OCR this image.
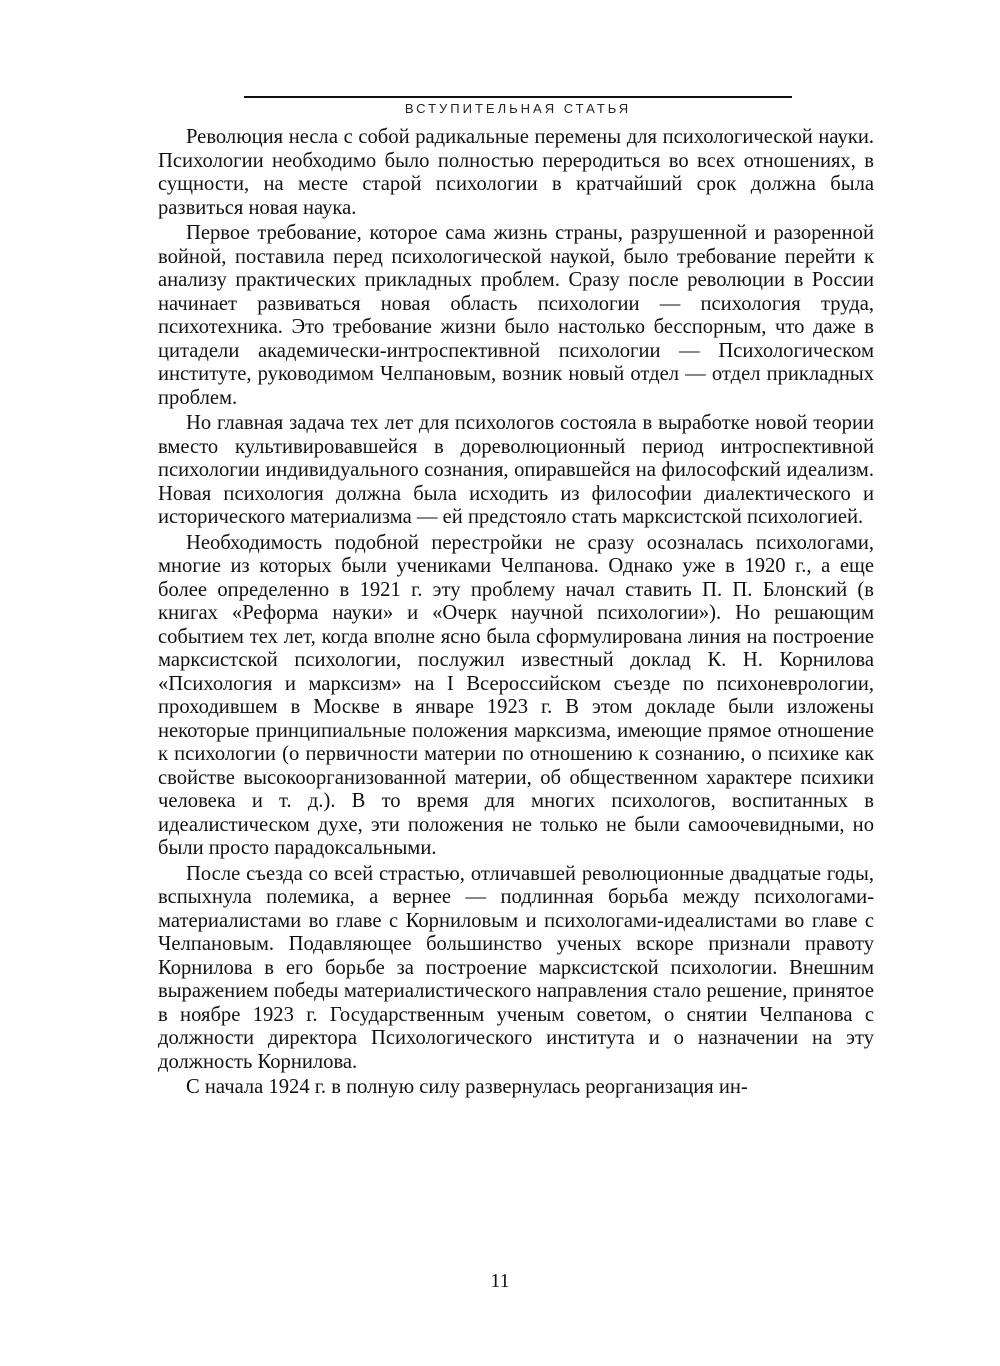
ВСТУПИТЕЛЬНАЯ СТАТЬЯ

Революция несла с собой радикальные перемены для психологической науки. Психологии необходимо было полностью переродиться во всех отношениях, в сущности, на месте старой психологии в кратчайший срок должна была развиться новая наука.

Первое требование, которое сама жизнь страны, разрушенной и разоренной войной, поставила перед психологической наукой, было требование перейти к анализу практических прикладных проблем. Сразу после революции в России начинает развиваться новая область психологии — психология труда, психотехника. Это требование жизни было настолько бесспорным, что даже в цитадели академически-интроспективной психологии — Психологическом институте, руководимом Челпановым, возник новый отдел — отдел прикладных проблем.

Но главная задача тех лет для психологов состояла в выработке новой теории вместо культивировавшейся в дореволюционный период интроспективной психологии индивидуального сознания, опиравшейся на философский идеализм. Новая психология должна была исходить из философии диалектического и исторического материализма — ей предстояло стать марксистской психологией.

Необходимость подобной перестройки не сразу осозналась психологами, многие из которых были учениками Челпанова. Однако уже в 1920 г., а еще более определенно в 1921 г. эту проблему начал ставить П. П. Блонский (в книгах «Реформа науки» и «Очерк научной психологии»). Но решающим событием тех лет, когда вполне ясно была сформулирована линия на построение марксистской психологии, послужил известный доклад К. Н. Корнилова «Психология и марксизм» на I Всероссийском съезде по психоневрологии, проходившем в Москве в январе 1923 г. В этом докладе были изложены некоторые принципиальные положения марксизма, имеющие прямое отношение к психологии (о первичности материи по отношению к сознанию, о психике как свойстве высокоорганизованной материи, об общественном характере психики человека и т. д.). В то время для многих психологов, воспитанных в идеалистическом духе, эти положения не только не были самоочевидными, но были просто парадоксальными.

После съезда со всей страстью, отличавшей революционные двадцатые годы, вспыхнула полемика, а вернее — подлинная борьба между психологами-материалистами во главе с Корниловым и психологами-идеалистами во главе с Челпановым. Подавляющее большинство ученых вскоре признали правоту Корнилова в его борьбе за построение марксистской психологии. Внешним выражением победы материалистического направления стало решение, принятое в ноябре 1923 г. Государственным ученым советом, о снятии Челпанова с должности директора Психологического института и о назначении на эту должность Корнилова.

С начала 1924 г. в полную силу развернулась реорганизация ин-

11
